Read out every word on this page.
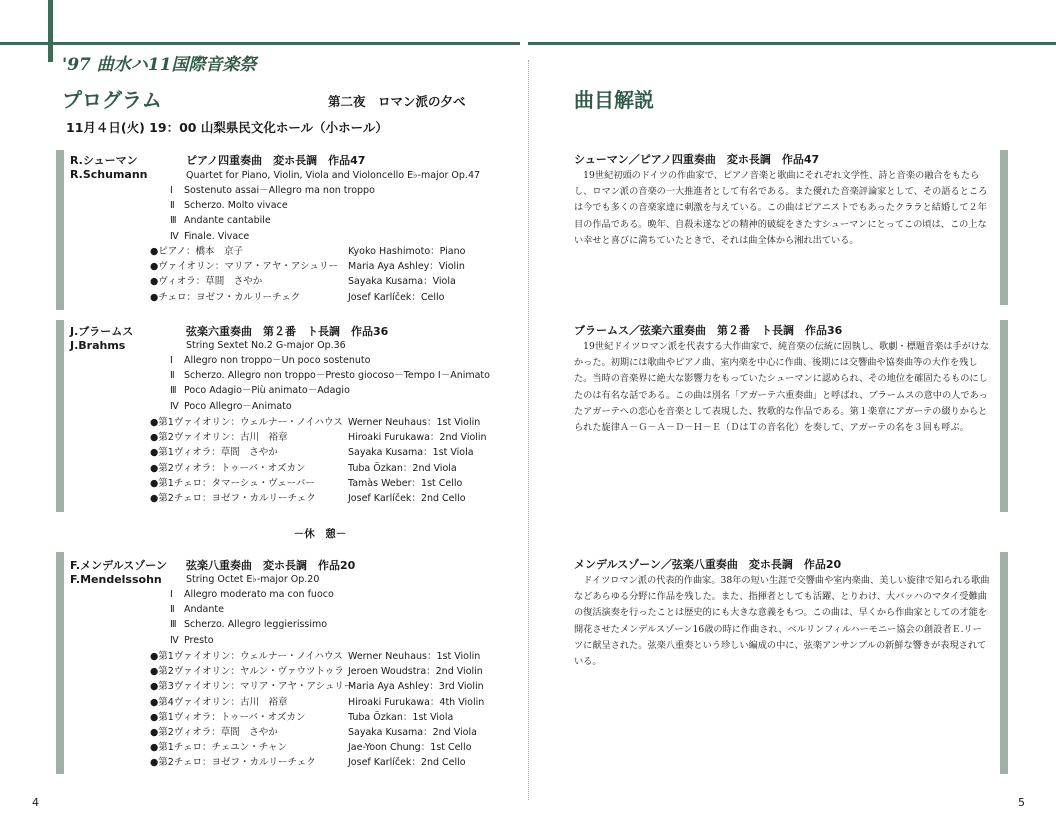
'97 曲水ハ11国際音楽祭
プログラム	第二夜　ロマン派の夕べ
11月４日(火) 19：00 山梨県民文化ホール（小ホール）
R.シューマン
R.Schumann
ピアノ四重奏曲　変ホ長調　作品47
Quartet for Piano, Violin, Viola and Violoncello E♭-major Op.47
Ⅰ Sostenuto assai－Allegro ma non troppo
Ⅱ Scherzo. Molto vivace
Ⅲ Andante cantabile
Ⅳ Finale. Vivace
●ピアノ：橋本　京子	Kyoko Hashimoto：Piano
●ヴァイオリン：マリア・アヤ・アシュリー Maria Aya Ashley：Violin
●ヴィオラ：草間　さやか	Sayaka Kusama：Viola
●チェロ：ヨゼフ・カルリーチェク	Josef Karlíček：Cello
J.ブラームス
J.Brahms
弦楽六重奏曲　第２番　ト長調　作品36
String Sextet No.2 G-major Op.36
Ⅰ Allegro non troppo－Un poco sostenuto
Ⅱ Scherzo. Allegro non troppo－Presto giocoso－Tempo Ⅰ－Animato
Ⅲ Poco Adagio－Più animato－Adagio
Ⅳ Poco Allegro－Animato
●第1ヴァイオリン：ウェルナー・ノイハウス Werner Neuhaus：1st Violin
●第2ヴァイオリン：古川　裕章	Hiroaki Furukawa：2nd Violin
●第1ヴィオラ：草間　さやか	Sayaka Kusama：1st Viola
●第2ヴィオラ：トゥーバ・オズカン	Tuba Özkan：2nd Viola
●第1チェロ：タマーシュ・ヴェーバー	Tamàs Weber：1st Cello
●第2チェロ：ヨゼフ・カルリーチェク	Josef Karlíček：2nd Cello
－休　憩－
F.メンデルスゾーン
F.Mendelssohn
弦楽八重奏曲　変ホ長調　作品20
String Octet E♭-major Op.20
Ⅰ Allegro moderato ma con fuoco
Ⅱ Andante
Ⅲ Scherzo. Allegro leggierissimo
Ⅳ Presto
●第1ヴァイオリン：ウェルナー・ノイハウス Werner Neuhaus：1st Violin
●第2ヴァイオリン：ヤルン・ヴァウツトゥラ Jeroen Woudstra：2nd Violin
●第3ヴァイオリン：マリア・アヤ・アシュリーMaria Aya Ashley：3rd Violin
●第4ヴァイオリン：古川　裕章	Hiroaki Furukawa：4th Violin
●第1ヴィオラ：トゥーバ・オズカン	Tuba Özkan：1st Viola
●第2ヴィオラ：草間　さやか	Sayaka Kusama：2nd Viola
●第1チェロ：チェユン・チャン	Jae-Yoon Chung：1st Cello
●第2チェロ：ヨゼフ・カルリーチェク	Josef Karlíček：2nd Cello
4
曲目解説
シューマン／ピアノ四重奏曲　変ホ長調　作品47
　19世紀初頭のドイツの作曲家で、ピアノ音楽と歌曲にそれぞれ文学性、詩と音楽の融合をもたらし、ロマン派の音楽の一大推進者として有名である。また優れた音楽評論家として、その語るところは今でも多くの音楽家達に刺激を与えている。この曲はピアニストでもあったクララと結婚して２年目の作品である。晩年、自殺未遂などの精神的破綻をきたすシューマンにとってこの頃は、この上ない幸せと喜びに満ちていたときで、それは曲全体から湘れ出ている。
ブラームス／弦楽六重奏曲　第２番　ト長調　作品36
　19世紀ドイツロマン派を代表する大作曲家で、純音楽の伝統に固執し、歌劇・標題音楽は手がけなかった。初期には歌曲やピアノ曲、室内楽を中心に作曲、後期には交響曲や協奏曲等の大作を残した。当時の音楽界に絶大な影響力をもっていたシューマンに認められ、その地位を確固たるものにしたのは有名な話である。この曲は別名「アガーテ六重奏曲」と呼ばれ、ブラームスの意中の人であったアガーテへの恋心を音楽として表現した、牧歌的な作品である。第１楽章にアガーテの綴りからとられた旋律Ａ－Ｇ－Ａ－Ｄ－Ｈ－Ｅ（ＤはＴの音名化）を奏して、アガーテの名を３回も呼ぶ。
メンデルスゾーン／弦楽八重奏曲　変ホ長調　作品20
　ドイツロマン派の代表的作曲家。38年の短い生涯で交響曲や室内楽曲、美しい旋律で知られる歌曲などあらゆる分野に作品を残した。また、指揮者としても活躍、とりわけ、大バッハのマタイ受難曲の復活演奏を行ったことは歴史的にも大きな意義をもつ。この曲は、早くから作曲家としての才能を開花させたメンデルスゾーン16歳の時に作曲され、ベルリンフィルハーモニー協会の創設者Ｅ.リーツに献呈された。弦楽八重奏という珍しい編成の中に、弦楽アンサンブルの新鮮な響きが表現されている。
5
